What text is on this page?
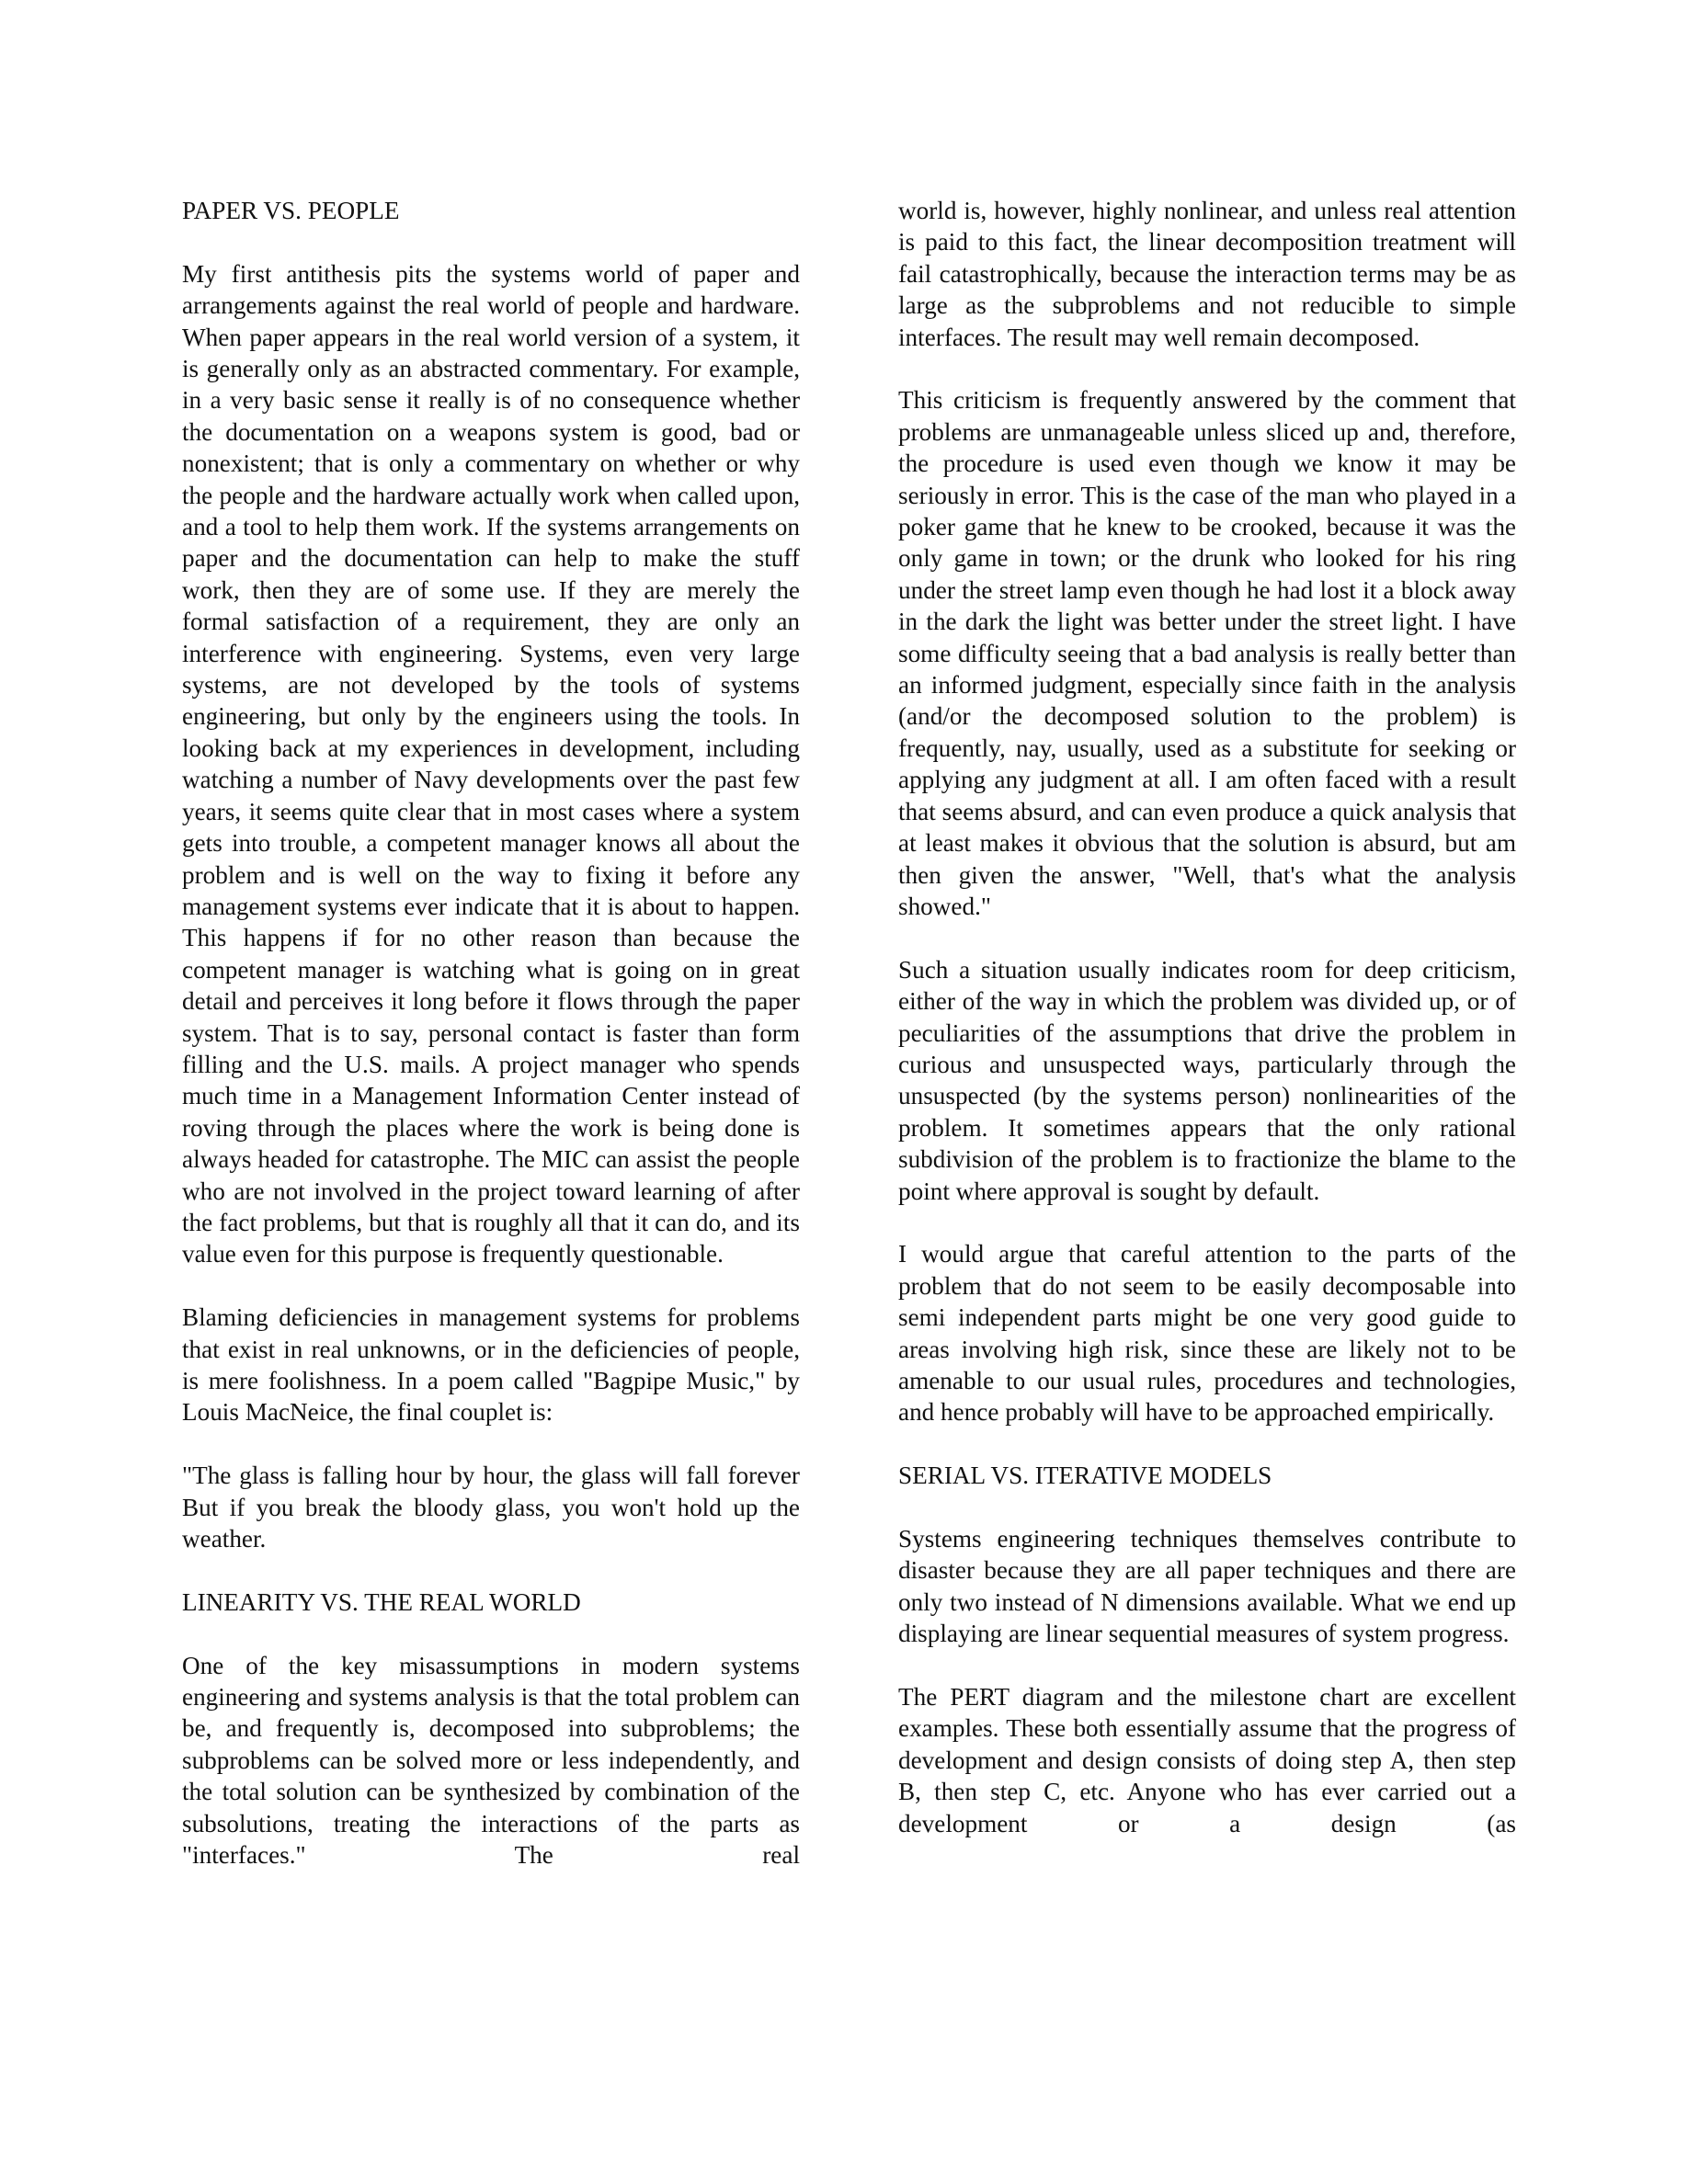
PAPER VS. PEOPLE

My first antithesis pits the systems world of paper and arrangements against the real world of people and hardware. When paper appears in the real world version of a system, it is generally only as an abstracted commentary. For example, in a very basic sense it really is of no consequence whether the documentation on a weapons system is good, bad or nonexistent; that is only a commentary on whether or why the people and the hardware actually work when called upon, and a tool to help them work. If the systems arrangements on paper and the documentation can help to make the stuff work, then they are of some use. If they are merely the formal satisfaction of a requirement, they are only an interference with engineering. Systems, even very large systems, are not developed by the tools of systems engineering, but only by the engineers using the tools. In looking back at my experiences in development, including watching a number of Navy developments over the past few years, it seems quite clear that in most cases where a system gets into trouble, a competent manager knows all about the problem and is well on the way to fixing it before any management systems ever indicate that it is about to happen. This happens if for no other reason than because the competent manager is watching what is going on in great detail and perceives it long before it flows through the paper system. That is to say, personal contact is faster than form filling and the U.S. mails. A project manager who spends much time in a Management Information Center instead of roving through the places where the work is being done is always headed for catastrophe. The MIC can assist the people who are not involved in the project toward learning of after the fact problems, but that is roughly all that it can do, and its value even for this purpose is frequently questionable.

Blaming deficiencies in management systems for problems that exist in real unknowns, or in the deficiencies of people, is mere foolishness. In a poem called "Bagpipe Music," by Louis MacNeice, the final couplet is:

"The glass is falling hour by hour, the glass will fall forever But if you break the bloody glass, you won't hold up the weather.

LINEARITY VS. THE REAL WORLD

One of the key misassumptions in modern systems engineering and systems analysis is that the total problem can be, and frequently is, decomposed into subproblems; the subproblems can be solved more or less independently, and the total solution can be synthesized by combination of the subsolutions, treating the interactions of the parts as "interfaces." The real

world is, however, highly nonlinear, and unless real attention is paid to this fact, the linear decomposition treatment will fail catastrophically, because the interaction terms may be as large as the subproblems and not reducible to simple interfaces. The result may well remain decomposed.

This criticism is frequently answered by the comment that problems are unmanageable unless sliced up and, therefore, the procedure is used even though we know it may be seriously in error. This is the case of the man who played in a poker game that he knew to be crooked, because it was the only game in town; or the drunk who looked for his ring under the street lamp even though he had lost it a block away in the dark the light was better under the street light. I have some difficulty seeing that a bad analysis is really better than an informed judgment, especially since faith in the analysis (and/or the decomposed solution to the problem) is frequently, nay, usually, used as a substitute for seeking or applying any judgment at all. I am often faced with a result that seems absurd, and can even produce a quick analysis that at least makes it obvious that the solution is absurd, but am then given the answer, "Well, that's what the analysis showed."

Such a situation usually indicates room for deep criticism, either of the way in which the problem was divided up, or of peculiarities of the assumptions that drive the problem in curious and unsuspected ways, particularly through the unsuspected (by the systems person) nonlinearities of the problem. It sometimes appears that the only rational subdivision of the problem is to fractionize the blame to the point where approval is sought by default.

I would argue that careful attention to the parts of the problem that do not seem to be easily decomposable into semi independent parts might be one very good guide to areas involving high risk, since these are likely not to be amenable to our usual rules, procedures and technologies, and hence probably will have to be approached empirically.

SERIAL VS. ITERATIVE MODELS

Systems engineering techniques themselves contribute to disaster because they are all paper techniques and there are only two instead of N dimensions available. What we end up displaying are linear sequential measures of system progress.

The PERT diagram and the milestone chart are excellent examples. These both essentially assume that the progress of development and design consists of doing step A, then step B, then step C, etc. Anyone who has ever carried out a development or a design (as
